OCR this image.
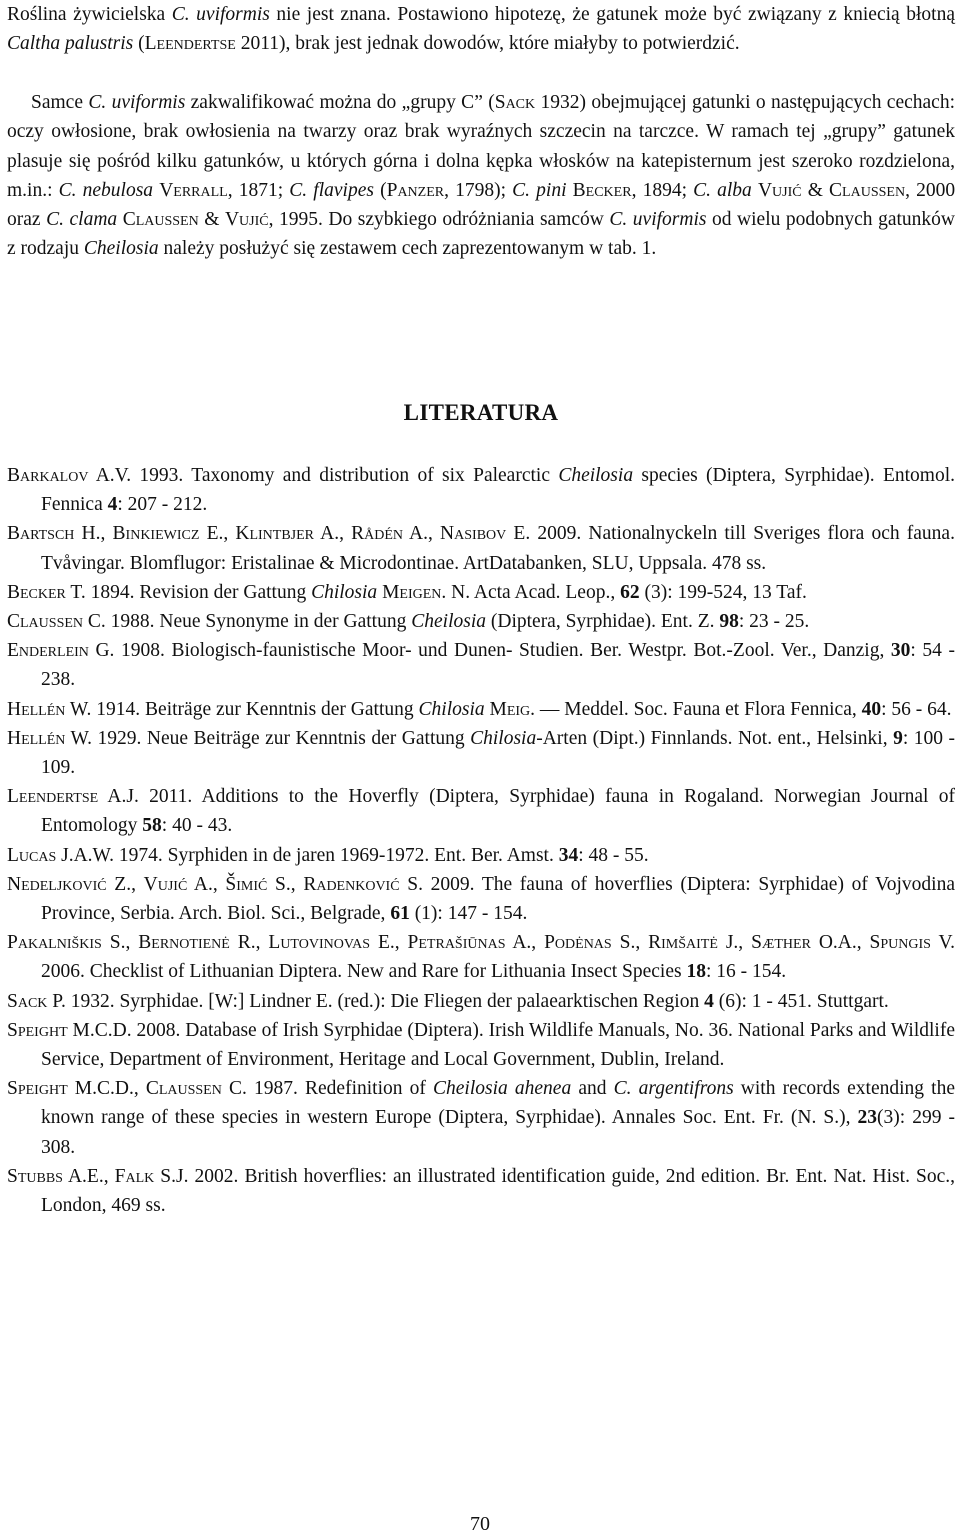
Roślina żywicielska C. uviformis nie jest znana. Postawiono hipotezę, że gatunek może być związany z kniecią błotną Caltha palustris (Leendertse 2011), brak jest jednak dowodów, które miałyby to potwierdzić.

Samce C. uviformis zakwalifikować można do „grupy C” (Sack 1932) obejmującej gatunki o następujących cechach: oczy owłosione, brak owłosienia na twarzy oraz brak wyraźnych szczecin na tarczce. W ramach tej „grupy” gatunek plasuje się pośród kilku gatunków, u których górna i dolna kępka włosków na katepisternum jest szeroko rozdzielona, m.in.: C. nebulosa Verrall, 1871; C. flavipes (Panzer, 1798); C. pini Becker, 1894; C. alba Vujić & Claussen, 2000 oraz C. clama Claussen & Vujić, 1995. Do szybkiego odróżniania samców C. uviformis od wielu podobnych gatunków z rodzaju Cheilosia należy posłużyć się zestawem cech zaprezentowanym w tab. 1.

LITERATURA

Barkalov A.V. 1993. Taxonomy and distribution of six Palearctic Cheilosia species (Diptera, Syrphidae). Entomol. Fennica 4: 207 - 212.

Bartsch H., Binkiewicz E., Klintbjer A., Rådén A., Nasibov E. 2009. Nationalnyckeln till Sveriges flora och fauna. Tvåvingar. Blomflugor: Eristalinae & Microdontinae. ArtDatabanken, SLU, Uppsala. 478 ss.

Becker T. 1894. Revision der Gattung Chilosia Meigen. N. Acta Acad. Leop., 62 (3): 199-524, 13 Taf.

Claussen C. 1988. Neue Synonyme in der Gattung Cheilosia (Diptera, Syrphidae). Ent. Z. 98: 23 - 25.

Enderlein G. 1908. Biologisch-faunistische Moor- und Dunen- Studien. Ber. Westpr. Bot.-Zool. Ver., Danzig, 30: 54 - 238.

Hellén W. 1914. Beiträge zur Kenntnis der Gattung Chilosia Meig. — Meddel. Soc. Fauna et Flora Fennica, 40: 56 - 64.

Hellén W. 1929. Neue Beiträge zur Kenntnis der Gattung Chilosia-Arten (Dipt.) Finnlands. Not. ent., Helsinki, 9: 100 - 109.

Leendertse A.J. 2011. Additions to the Hoverfly (Diptera, Syrphidae) fauna in Rogaland. Norwegian Journal of Entomology 58: 40 - 43.

Lucas J.A.W. 1974. Syrphiden in de jaren 1969-1972. Ent. Ber. Amst. 34: 48 - 55.

Nedeljković Z., Vujić A., Šimić S., Radenković S. 2009. The fauna of hoverflies (Diptera: Syrphidae) of Vojvodina Province, Serbia. Arch. Biol. Sci., Belgrade, 61 (1): 147 - 154.

Pakalniškis S., Bernotienė R., Lutovinovas E., Petrašiūnas A., Podėnas S., Rimšaitė J., Sæther O.A., Spungis V. 2006. Checklist of Lithuanian Diptera. New and Rare for Lithuania Insect Species 18: 16 - 154.

Sack P. 1932. Syrphidae. [W:] Lindner E. (red.): Die Fliegen der palaearktischen Region 4 (6): 1 - 451. Stuttgart.

Speight M.C.D. 2008. Database of Irish Syrphidae (Diptera). Irish Wildlife Manuals, No. 36. National Parks and Wildlife Service, Department of Environment, Heritage and Local Government, Dublin, Ireland.

Speight M.C.D., Claussen C. 1987. Redefinition of Cheilosia ahenea and C. argentifrons with records extending the known range of these species in western Europe (Diptera, Syrphidae). Annales Soc. Ent. Fr. (N. S.), 23(3): 299 - 308.

Stubbs A.E., Falk S.J. 2002. British hoverflies: an illustrated identification guide, 2nd edition. Br. Ent. Nat. Hist. Soc., London, 469 ss.

70
